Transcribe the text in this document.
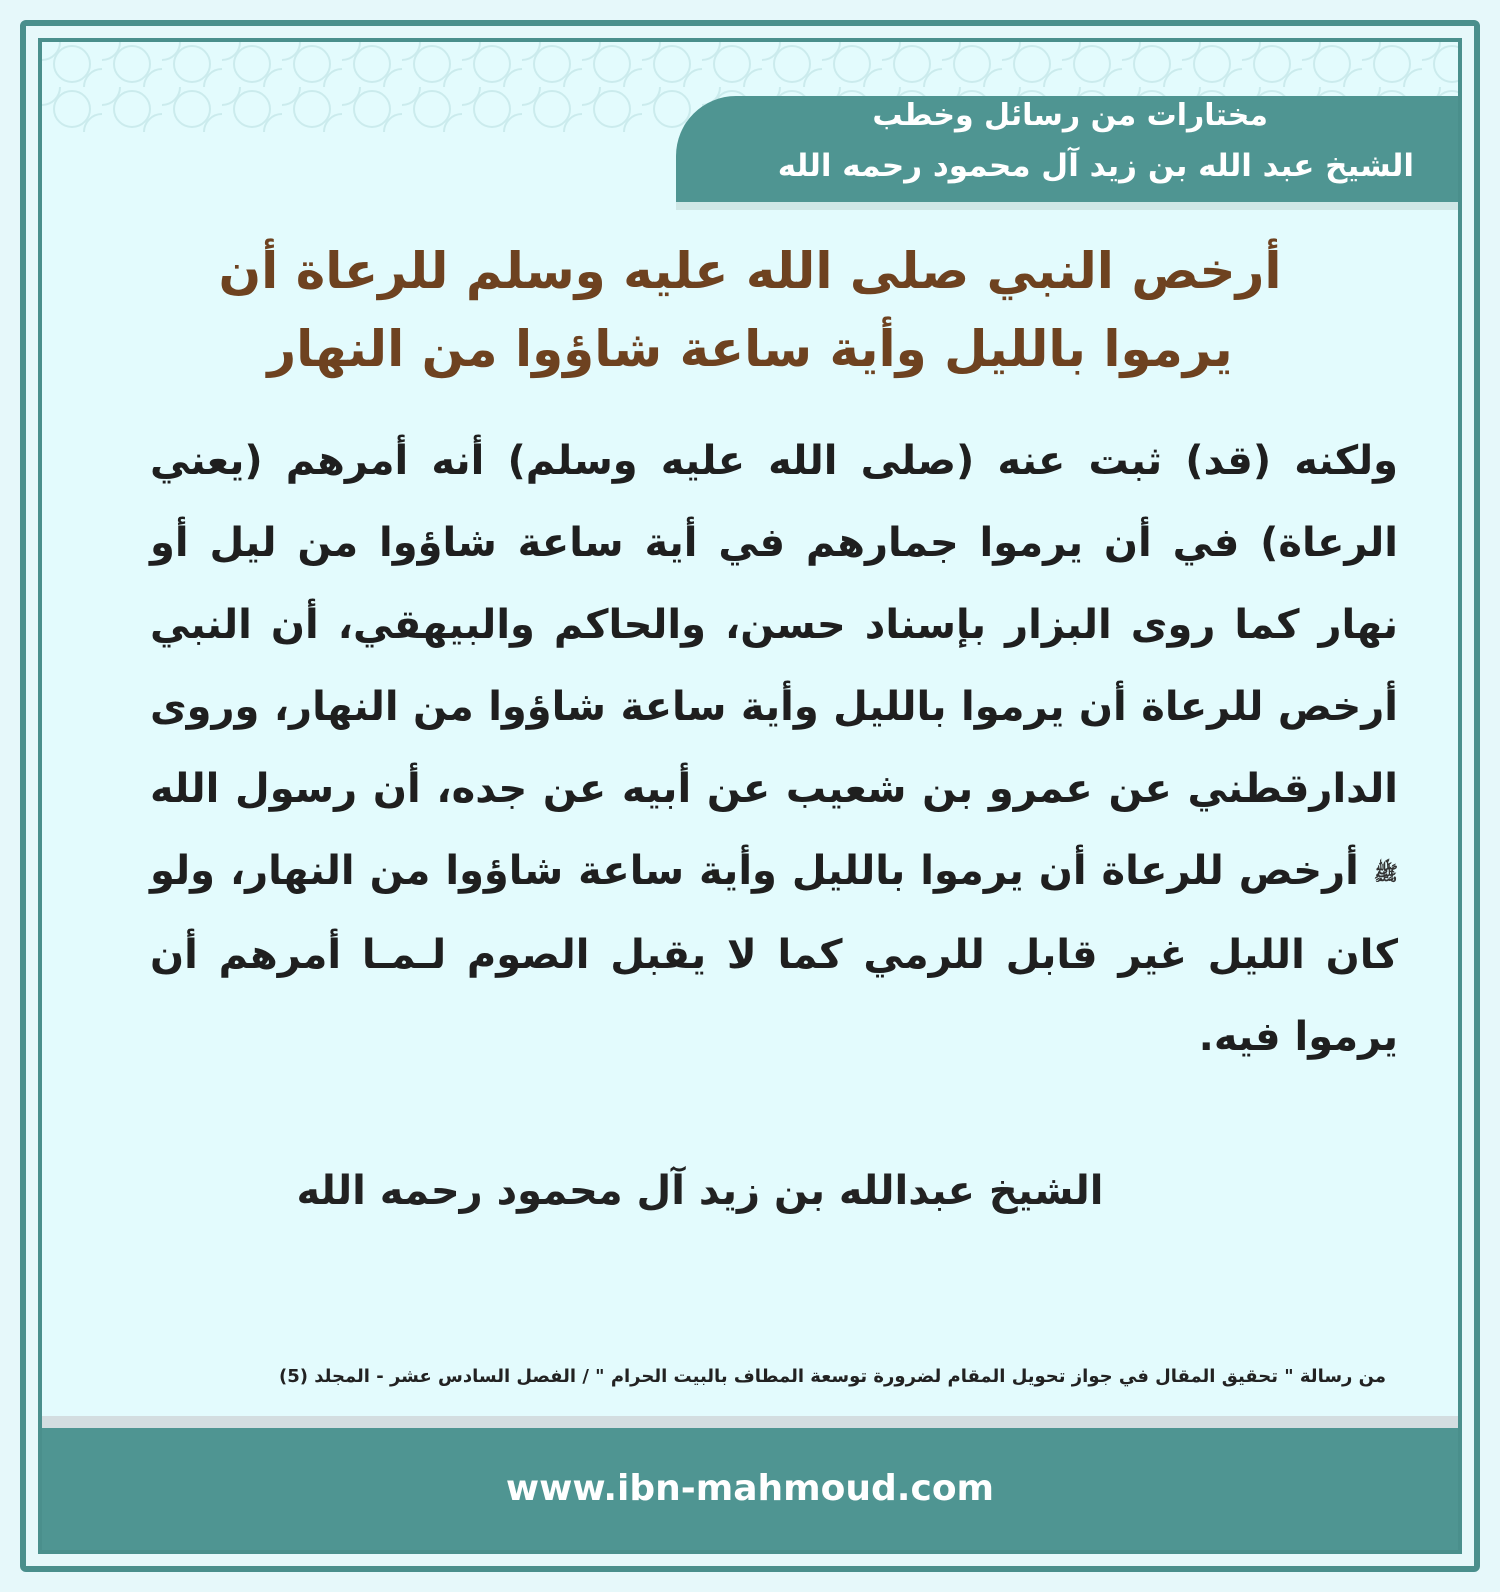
مختارات من رسائل وخطب
الشيخ عبد الله بن زيد آل محمود رحمه الله
أرخص النبي صلى الله عليه وسلم للرعاة أن يرموا بالليل وأية ساعة شاؤوا من النهار
ولكنه (قد) ثبت عنه (صلى الله عليه وسلم) أنه أمرهم (يعني الرعاة) في أن يرموا جمارهم في أية ساعة شاؤوا من ليل أو نهار كما روى البزار بإسناد حسن، والحاكم والبيهقي، أن النبي أرخص للرعاة أن يرموا بالليل وأية ساعة شاؤوا من النهار، وروى الدارقطني عن عمرو بن شعيب عن أبيه عن جده، أن رسول الله ﷺ أرخص للرعاة أن يرموا بالليل وأية ساعة شاؤوا من النهار، ولو كان الليل غير قابل للرمي كما لا يقبل الصوم لـمـا أمرهم أن يرموا فيه.
الشيخ عبدالله بن زيد آل محمود رحمه الله
من رسالة " تحقيق المقال في جواز تحويل المقام لضرورة توسعة المطاف بالبيت الحرام " / الفصل السادس عشر - المجلد (5)
www.ibn-mahmoud.com
